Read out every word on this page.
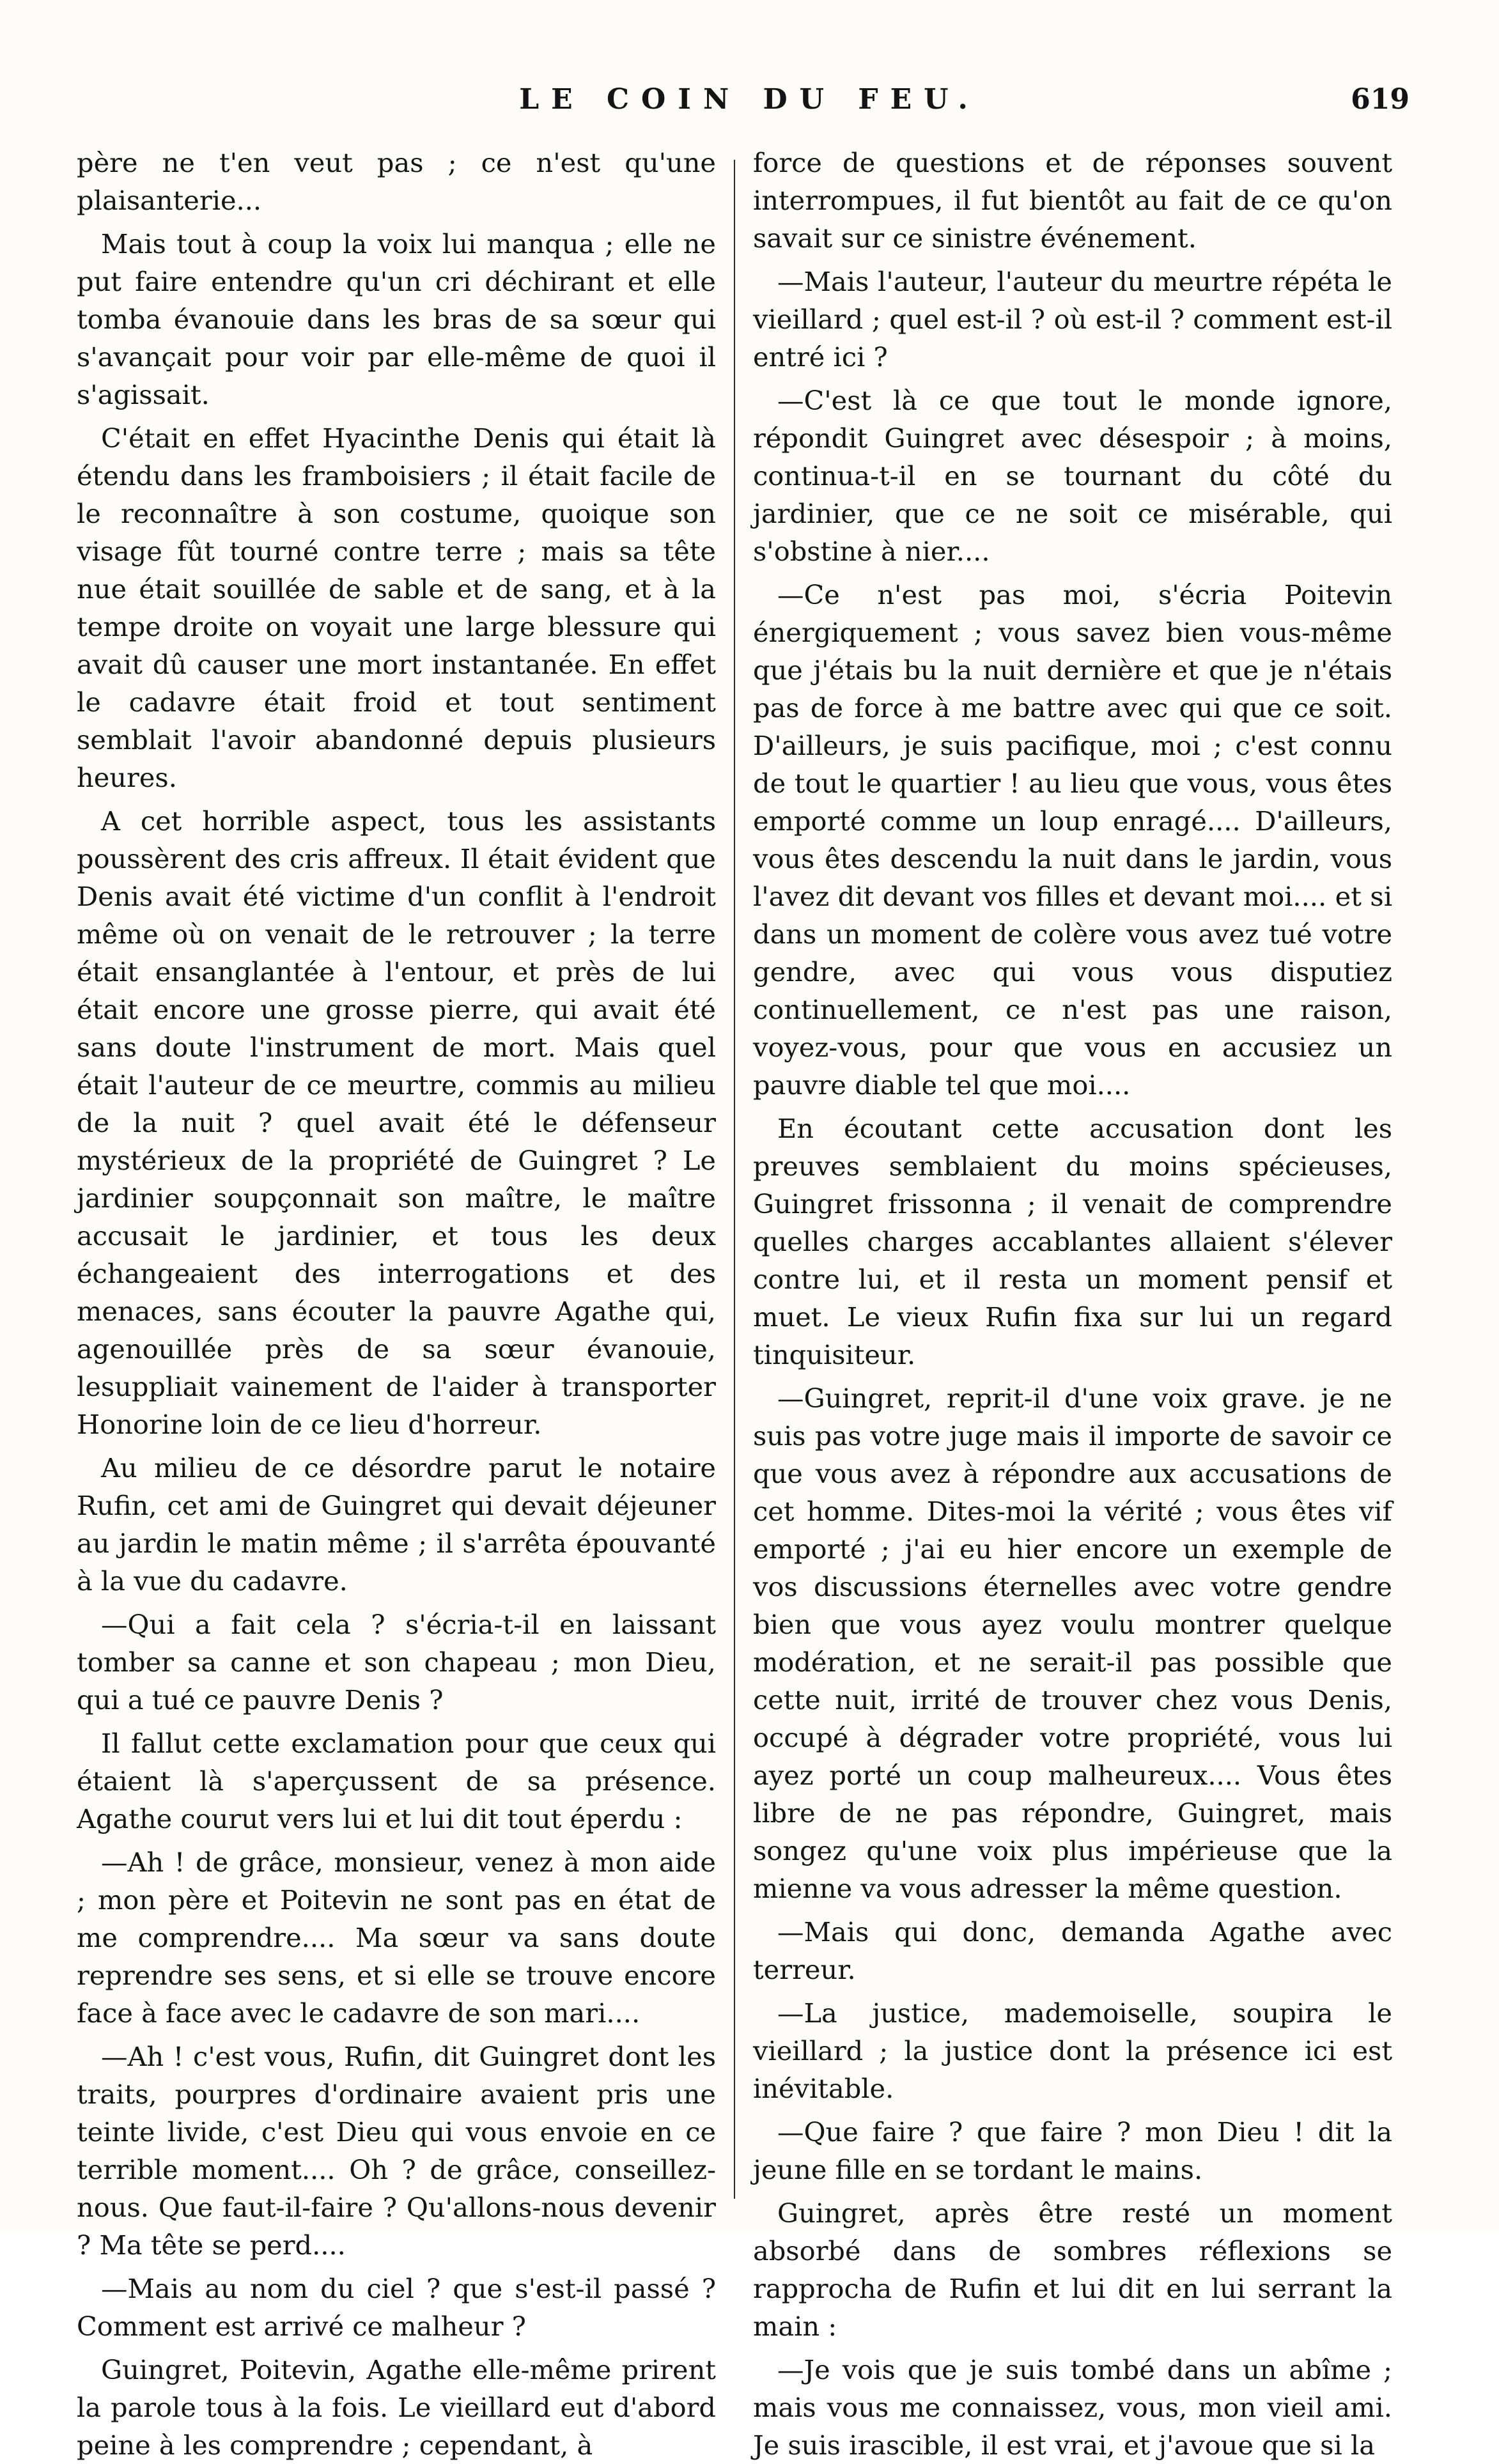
LE COIN DU FEU.	619

père ne t'en veut pas ; ce n'est qu'une plaisanterie...

Mais tout à coup la voix lui manqua ; elle ne put faire entendre qu'un cri déchirant et elle tomba évanouie dans les bras de sa sœur qui s'avançait pour voir par elle-même de quoi il s'agissait.

C'était en effet Hyacinthe Denis qui était là étendu dans les framboisiers ; il était facile de le reconnaître à son costume, quoique son visage fût tourné contre terre ; mais sa tête nue était souillée de sable et de sang, et à la tempe droite on voyait une large blessure qui avait dû causer une mort instantanée. En effet le cadavre était froid et tout sentiment semblait l'avoir abandonné depuis plusieurs heures.

A cet horrible aspect, tous les assistants poussèrent des cris affreux. Il était évident que Denis avait été victime d'un conflit à l'endroit même où on venait de le retrouver ; la terre était ensanglantée à l'entour, et près de lui était encore une grosse pierre, qui avait été sans doute l'instrument de mort. Mais quel était l'auteur de ce meurtre, commis au milieu de la nuit ? quel avait été le défenseur mystérieux de la propriété de Guingret ? Le jardinier soupçonnait son maître, le maître accusait le jardinier, et tous les deux échangeaient des interrogations et des menaces, sans écouter la pauvre Agathe qui, agenouillée près de sa sœur évanouie, lesuppliait vainement de l'aider à transporter Honorine loin de ce lieu d'horreur.

Au milieu de ce désordre parut le notaire Rufin, cet ami de Guingret qui devait déjeuner au jardin le matin même ; il s'arrêta épouvanté à la vue du cadavre.

—Qui a fait cela ? s'écria-t-il en laissant tomber sa canne et son chapeau ; mon Dieu, qui a tué ce pauvre Denis ?

Il fallut cette exclamation pour que ceux qui étaient là s'aperçussent de sa présence. Agathe courut vers lui et lui dit tout éperdu :

—Ah ! de grâce, monsieur, venez à mon aide ; mon père et Poitevin ne sont pas en état de me comprendre.... Ma sœur va sans doute reprendre ses sens, et si elle se trouve encore face à face avec le cadavre de son mari....

—Ah ! c'est vous, Rufin, dit Guingret dont les traits, pourpres d'ordinaire avaient pris une teinte livide, c'est Dieu qui vous envoie en ce terrible moment.... Oh ? de grâce, conseillez-nous. Que faut-il-faire ? Qu'allons-nous devenir ? Ma tête se perd....

—Mais au nom du ciel ? que s'est-il passé ? Comment est arrivé ce malheur ?

Guingret, Poitevin, Agathe elle-même prirent la parole tous à la fois. Le vieillard eut d'abord peine à les comprendre ; cependant, à

force de questions et de réponses souvent interrompues, il fut bientôt au fait de ce qu'on savait sur ce sinistre événement.

—Mais l'auteur, l'auteur du meurtre répéta le vieillard ; quel est-il ? où est-il ? comment est-il entré ici ?

—C'est là ce que tout le monde ignore, répondit Guingret avec désespoir ; à moins, continua-t-il en se tournant du côté du jardinier, que ce ne soit ce misérable, qui s'obstine à nier....

—Ce n'est pas moi, s'écria Poitevin énergiquement ; vous savez bien vous-même que j'étais bu la nuit dernière et que je n'étais pas de force à me battre avec qui que ce soit. D'ailleurs, je suis pacifique, moi ; c'est connu de tout le quartier ! au lieu que vous, vous êtes emporté comme un loup enragé.... D'ailleurs, vous êtes descendu la nuit dans le jardin, vous l'avez dit devant vos filles et devant moi.... et si dans un moment de colère vous avez tué votre gendre, avec qui vous vous disputiez continuellement, ce n'est pas une raison, voyez-vous, pour que vous en accusiez un pauvre diable tel que moi....

En écoutant cette accusation dont les preuves semblaient du moins spécieuses, Guingret frissonna ; il venait de comprendre quelles charges accablantes allaient s'élever contre lui, et il resta un moment pensif et muet. Le vieux Rufin fixa sur lui un regard tinquisiteur.

—Guingret, reprit-il d'une voix grave. je ne suis pas votre juge mais il importe de savoir ce que vous avez à répondre aux accusations de cet homme. Dites-moi la vérité ; vous êtes vif emporté ; j'ai eu hier encore un exemple de vos discussions éternelles avec votre gendre bien que vous ayez voulu montrer quelque modération, et ne serait-il pas possible que cette nuit, irrité de trouver chez vous Denis, occupé à dégrader votre propriété, vous lui ayez porté un coup malheureux.... Vous êtes libre de ne pas répondre, Guingret, mais songez qu'une voix plus impérieuse que la mienne va vous adresser la même question.

—Mais qui donc, demanda Agathe avec terreur.

—La justice, mademoiselle, soupira le vieillard ; la justice dont la présence ici est inévitable.

—Que faire ? que faire ? mon Dieu ! dit la jeune fille en se tordant le mains.

Guingret, après être resté un moment absorbé dans de sombres réflexions se rapprocha de Rufin et lui dit en lui serrant la main :

—Je vois que je suis tombé dans un abîme ; mais vous me connaissez, vous, mon vieil ami. Je suis irascible, il est vrai, et j'avoue que si la
